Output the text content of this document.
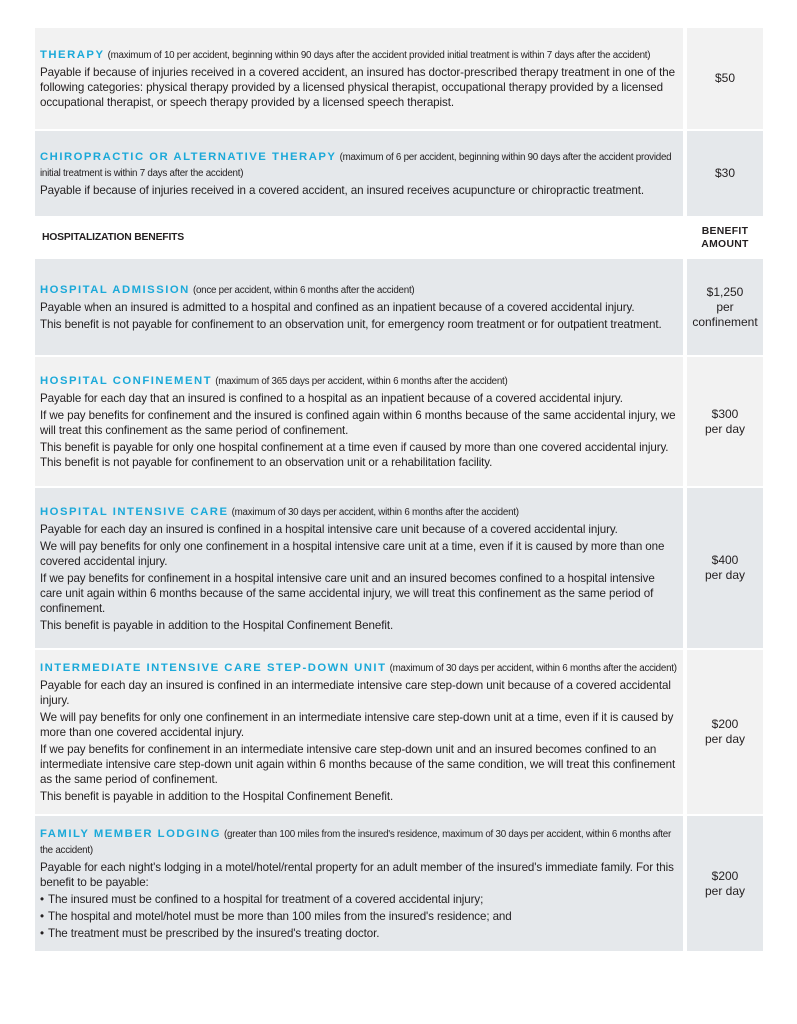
THERAPY (maximum of 10 per accident, beginning within 90 days after the accident provided initial treatment is within 7 days after the accident)
Payable if because of injuries received in a covered accident, an insured has doctor-prescribed therapy treatment in one of the following categories: physical therapy provided by a licensed physical therapist, occupational therapy provided by a licensed occupational therapist, or speech therapy provided by a licensed speech therapist.
$50
CHIROPRACTIC OR ALTERNATIVE THERAPY (maximum of 6 per accident, beginning within 90 days after the accident provided initial treatment is within 7 days after the accident)
Payable if because of injuries received in a covered accident, an insured receives acupuncture or chiropractic treatment.
$30
HOSPITALIZATION BENEFITS
BENEFIT
AMOUNT
HOSPITAL ADMISSION (once per accident, within 6 months after the accident)
Payable when an insured is admitted to a hospital and confined as an inpatient because of a covered accidental injury.
This benefit is not payable for confinement to an observation unit, for emergency room treatment or for outpatient treatment.
$1,250
per
confinement
HOSPITAL CONFINEMENT (maximum of 365 days per accident, within 6 months after the accident)
Payable for each day that an insured is confined to a hospital as an inpatient because of a covered accidental injury.
If we pay benefits for confinement and the insured is confined again within 6 months because of the same accidental injury, we will treat this confinement as the same period of confinement.
This benefit is payable for only one hospital confinement at a time even if caused by more than one covered accidental injury. This benefit is not payable for confinement to an observation unit or a rehabilitation facility.
$300
per day
HOSPITAL INTENSIVE CARE (maximum of 30 days per accident, within 6 months after the accident)
Payable for each day an insured is confined in a hospital intensive care unit because of a covered accidental injury.
We will pay benefits for only one confinement in a hospital intensive care unit at a time, even if it is caused by more than one covered accidental injury.
If we pay benefits for confinement in a hospital intensive care unit and an insured becomes confined to a hospital intensive care unit again within 6 months because of the same accidental injury, we will treat this confinement as the same period of confinement.
This benefit is payable in addition to the Hospital Confinement Benefit.
$400
per day
INTERMEDIATE INTENSIVE CARE STEP-DOWN UNIT (maximum of 30 days per accident, within 6 months after the accident)
Payable for each day an insured is confined in an intermediate intensive care step-down unit because of a covered accidental injury.
We will pay benefits for only one confinement in an intermediate intensive care step-down unit at a time, even if it is caused by more than one covered accidental injury.
If we pay benefits for confinement in an intermediate intensive care step-down unit and an insured becomes confined to an intermediate intensive care step-down unit again within 6 months because of the same condition, we will treat this confinement as the same period of confinement.
This benefit is payable in addition to the Hospital Confinement Benefit.
$200
per day
FAMILY MEMBER LODGING (greater than 100 miles from the insured's residence, maximum of 30 days per accident, within 6 months after the accident)
Payable for each night's lodging in a motel/hotel/rental property for an adult member of the insured's immediate family. For this benefit to be payable:
• The insured must be confined to a hospital for treatment of a covered accidental injury;
• The hospital and motel/hotel must be more than 100 miles from the insured's residence; and
• The treatment must be prescribed by the insured's treating doctor.
$200
per day
